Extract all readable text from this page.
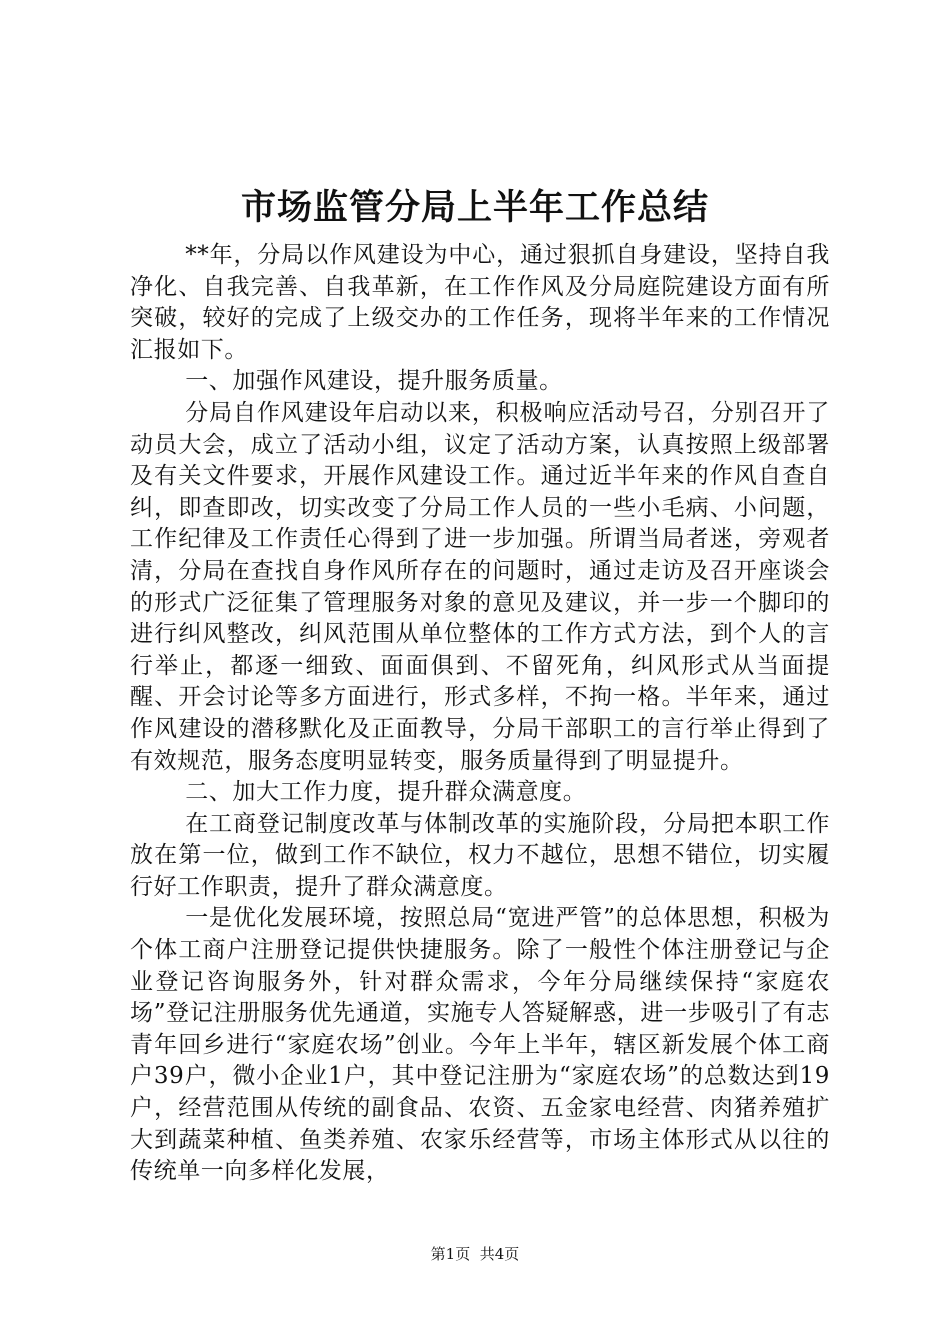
市场监管分局上半年工作总结

**年，分局以作风建设为中心，通过狠抓自身建设，坚持自我净化、自我完善、自我革新，在工作作风及分局庭院建设方面有所突破，较好的完成了上级交办的工作任务，现将半年来的工作情况汇报如下。

一、加强作风建设，提升服务质量。

分局自作风建设年启动以来，积极响应活动号召，分别召开了动员大会，成立了活动小组，议定了活动方案，认真按照上级部署及有关文件要求，开展作风建设工作。通过近半年来的作风自查自纠，即查即改，切实改变了分局工作人员的一些小毛病、小问题，工作纪律及工作责任心得到了进一步加强。所谓当局者迷，旁观者清，分局在查找自身作风所存在的问题时，通过走访及召开座谈会的形式广泛征集了管理服务对象的意见及建议，并一步一个脚印的进行纠风整改，纠风范围从单位整体的工作方式方法，到个人的言行举止，都逐一细致、面面俱到、不留死角，纠风形式从当面提醒、开会讨论等多方面进行，形式多样，不拘一格。半年来，通过作风建设的潜移默化及正面教导，分局干部职工的言行举止得到了有效规范，服务态度明显转变，服务质量得到了明显提升。

二、加大工作力度，提升群众满意度。

在工商登记制度改革与体制改革的实施阶段，分局把本职工作放在第一位，做到工作不缺位，权力不越位，思想不错位，切实履行好工作职责，提升了群众满意度。

一是优化发展环境，按照总局“宽进严管”的总体思想，积极为个体工商户注册登记提供快捷服务。除了一般性个体注册登记与企业登记咨询服务外，针对群众需求，今年分局继续保持“家庭农场”登记注册服务优先通道，实施专人答疑解惑，进一步吸引了有志青年回乡进行“家庭农场”创业。今年上半年，辖区新发展个体工商户39户，微小企业1户，其中登记注册为“家庭农场”的总数达到19户，经营范围从传统的副食品、农资、五金家电经营、肉猪养殖扩大到蔬菜种植、鱼类养殖、农家乐经营等，市场主体形式从以往的传统单一向多样化发展，

第1页 共4页
